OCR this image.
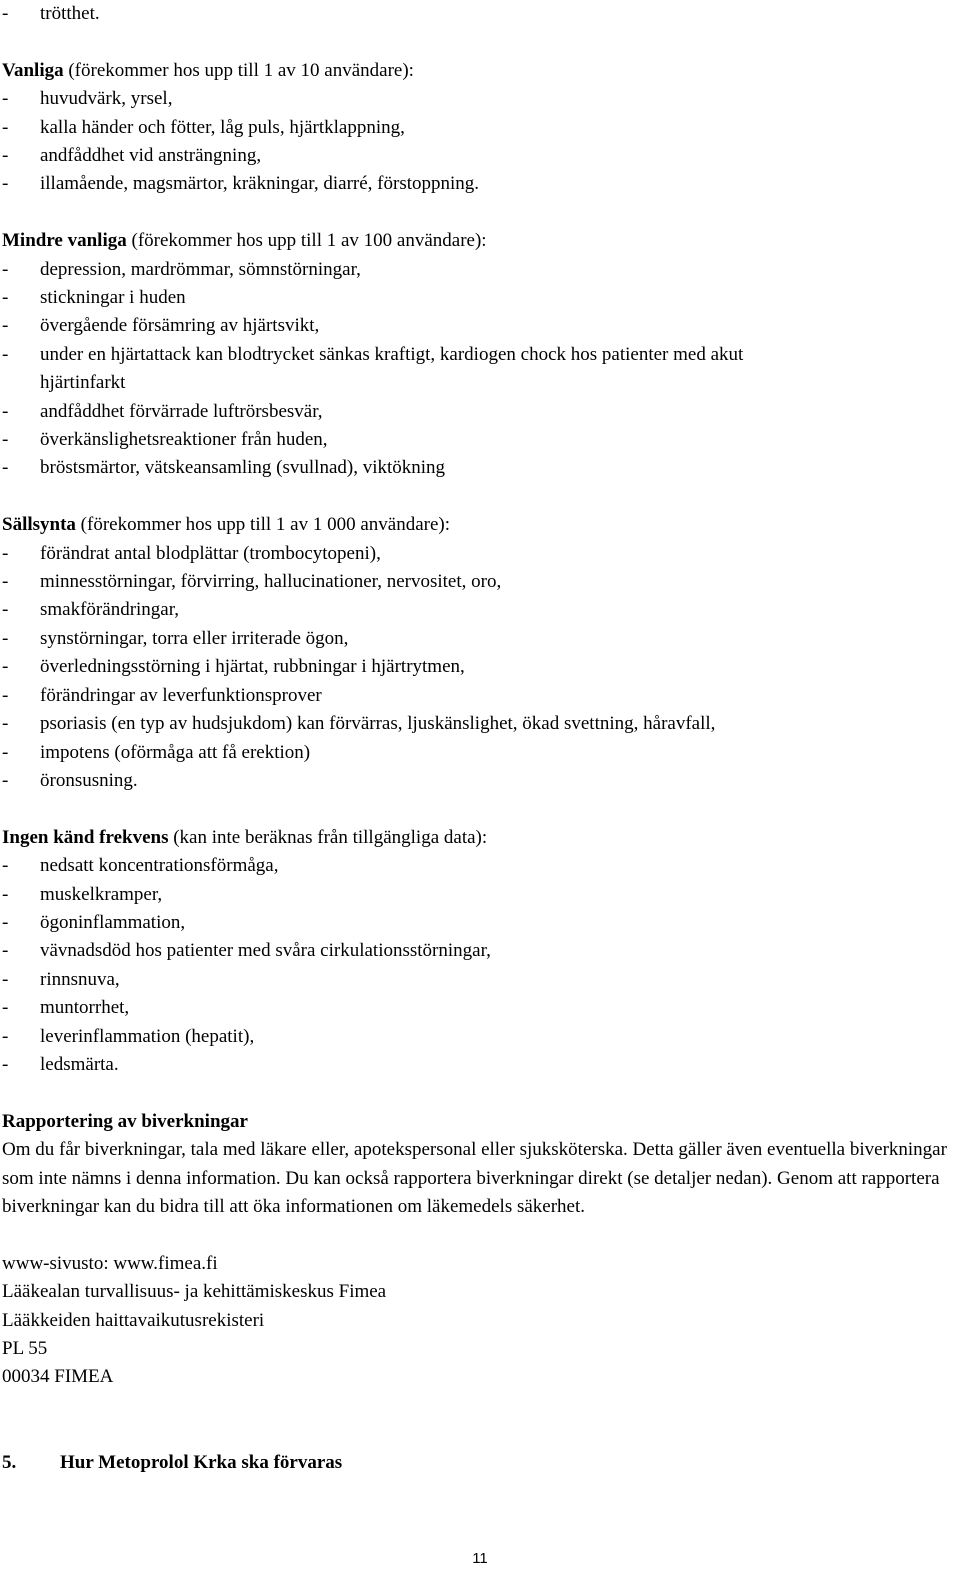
-	trötthet.
Vanliga (förekommer hos upp till 1 av 10 användare):
-	huvudvärk, yrsel,
-	kalla händer och fötter, låg puls, hjärtklappning,
-	andfåddhet vid ansträngning,
-	illamående, magsmärtor, kräkningar, diarré, förstoppning.
Mindre vanliga (förekommer hos upp till 1 av 100 användare):
-	depression, mardrömmar, sömnstörningar,
-	stickningar i huden
-	övergående försämring av hjärtsvikt,
-	under en hjärtattack kan blodtrycket sänkas kraftigt, kardiogen chock hos patienter med akut
hjärtinfarkt
-	andfåddhet förvärrade luftrörsbesvär,
-	överkänslighetsreaktioner från huden,
-	bröstsmärtor, vätskeansamling (svullnad), viktökning
Sällsynta (förekommer hos upp till 1 av 1 000 användare):
-	förändrat antal blodplättar (trombocytopeni),
-	minnesstörningar, förvirring, hallucinationer, nervositet, oro,
-	smakförändringar,
-	synstörningar, torra eller irriterade ögon,
-	överledningsstörning i hjärtat, rubbningar i hjärtrytmen,
-	förändringar av leverfunktionsprover
-	psoriasis (en typ av hudsjukdom) kan förvärras, ljuskänslighet, ökad svettning, håravfall,
-	impotens (oförmåga att få erektion)
-	öronsusning.
Ingen känd frekvens (kan inte beräknas från tillgängliga data):
-	nedsatt koncentrationsförmåga,
-	muskelkramper,
-	ögoninflammation,
-	vävnadsdöd hos patienter med svåra cirkulationsstörningar,
-	rinnsnuva,
-	muntorrhet,
-	leverinflammation (hepatit),
-	ledsmärta.
Rapportering av biverkningar
Om du får biverkningar, tala med läkare eller, apotekspersonal eller sjuksköterska. Detta gäller även eventuella biverkningar som inte nämns i denna information. Du kan också rapportera biverkningar direkt (se detaljer nedan). Genom att rapportera biverkningar kan du bidra till att öka informationen om läkemedels säkerhet.
www-sivusto: www.fimea.fi
Lääkealan turvallisuus- ja kehittämiskeskus Fimea
Lääkkeiden haittavaikutusrekisteri
PL 55
00034 FIMEA
5.	Hur Metoprolol Krka ska förvaras
11
